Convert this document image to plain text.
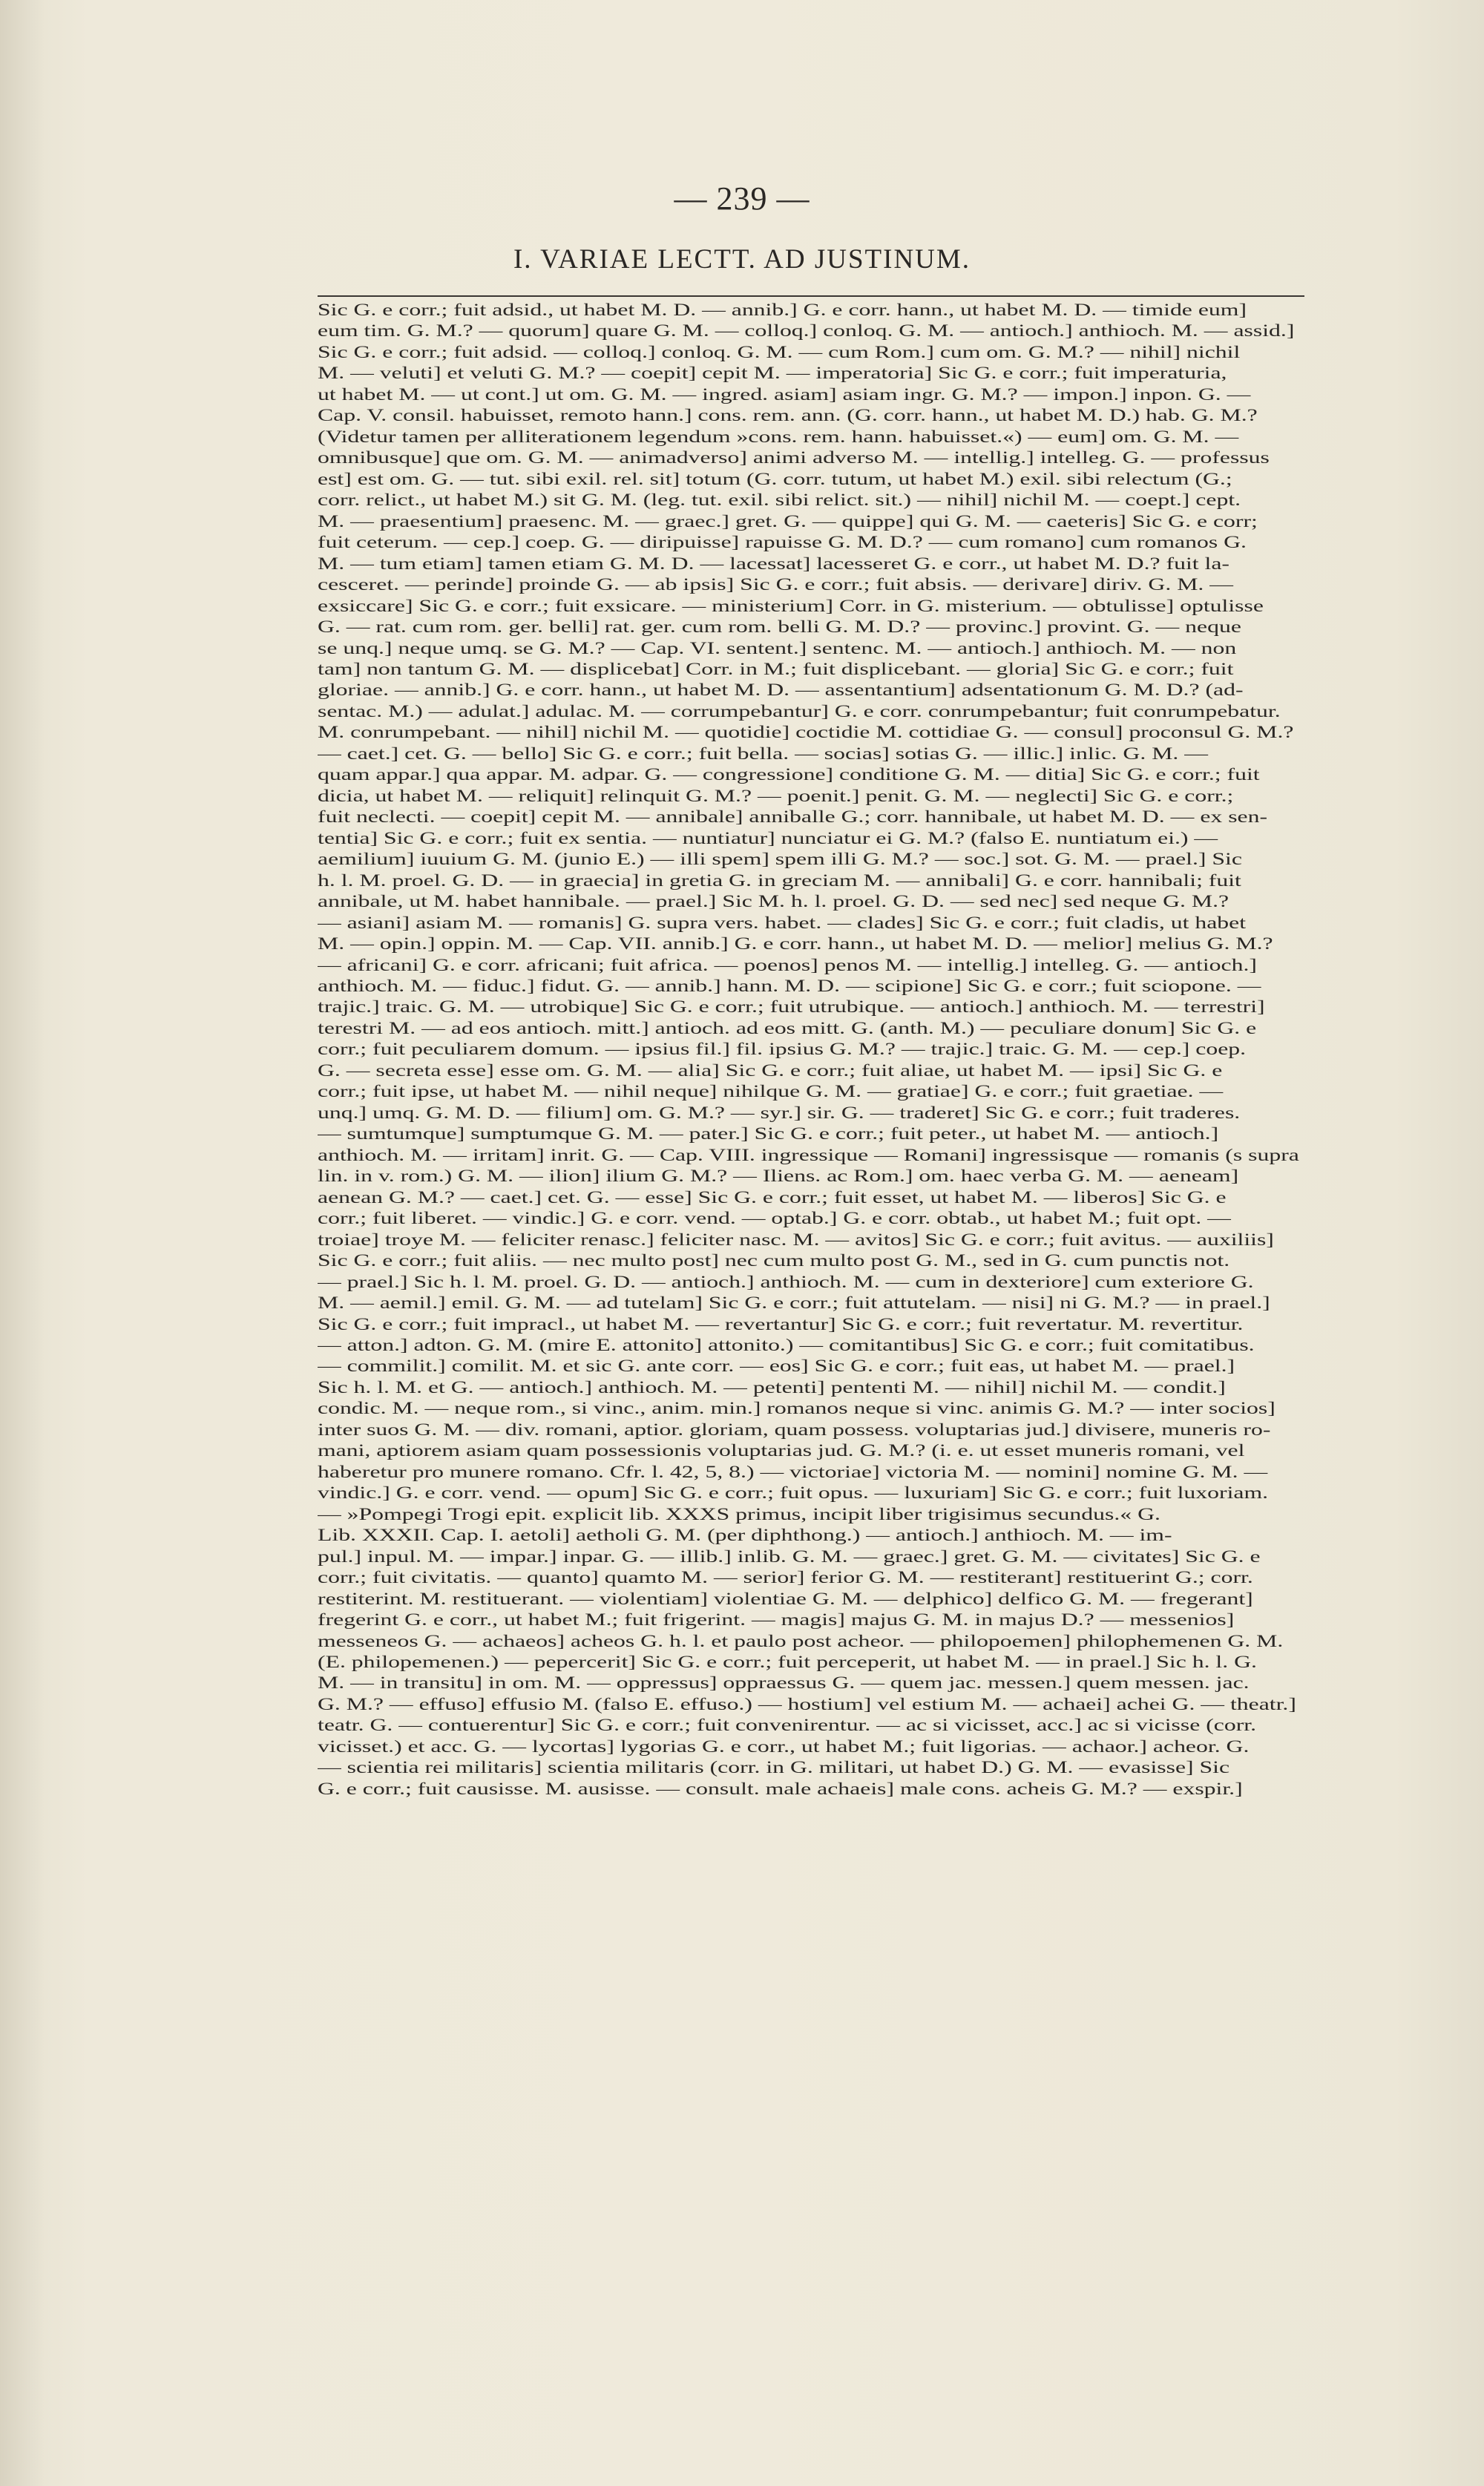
— 239 —
I. VARIAE LECTT. AD JUSTINUM.
Sic G. e corr.; fuit adsid., ut habet M. D. — annib.] G. e corr. hann., ut habet M. D. — timide eum]
eum tim. G. M.? — quorum] quare G. M. — colloq.] conloq. G. M. — antioch.] anthioch. M. — assid.]
Sic G. e corr.; fuit adsid. — colloq.] conloq. G. M. — cum Rom.] cum om. G. M.? — nihil] nichil
M. — veluti] et veluti G. M.? — coepit] cepit M. — imperatoria] Sic G. e corr.; fuit imperaturia,
ut habet M. — ut cont.] ut om. G. M. — ingred. asiam] asiam ingr. G. M.? — impon.] inpon. G. —
Cap. V. consil. habuisset, remoto hann.] cons. rem. ann. (G. corr. hann., ut habet M. D.) hab. G. M.?
(Videtur tamen per alliterationem legendum »cons. rem. hann. habuisset.«) — eum] om. G. M. —
omnibusque] que om. G. M. — animadverso] animi adverso M. — intellig.] intelleg. G. — professus
est] est om. G. — tut. sibi exil. rel. sit] totum (G. corr. tutum, ut habet M.) exil. sibi relectum (G.;
corr. relict., ut habet M.) sit G. M. (leg. tut. exil. sibi relict. sit.) — nihil] nichil M. — coept.] cept.
M. — praesentium] praesenc. M. — graec.] gret. G. — quippe] qui G. M. — caeteris] Sic G. e corr;
fuit ceterum. — cep.] coep. G. — diripuisse] rapuisse G. M. D.? — cum romano] cum romanos G.
M. — tum etiam] tamen etiam G. M. D. — lacessat] lacesseret G. e corr., ut habet M. D.? fuit la-
cesceret. — perinde] proinde G. — ab ipsis] Sic G. e corr.; fuit absis. — derivare] diriv. G. M. —
exsiccare] Sic G. e corr.; fuit exsicare. — ministerium] Corr. in G. misterium. — obtulisse] optulisse
G. — rat. cum rom. ger. belli] rat. ger. cum rom. belli G. M. D.? — provinc.] provint. G. — neque
se unq.] neque umq. se G. M.? — Cap. VI. sentent.] sentenc. M. — antioch.] anthioch. M. — non
tam] non tantum G. M. — displicebat] Corr. in M.; fuit displicebant. — gloria] Sic G. e corr.; fuit
gloriae. — annib.] G. e corr. hann., ut habet M. D. — assentantium] adsentationum G. M. D.? (ad-
sentac. M.) — adulat.] adulac. M. — corrumpebantur] G. e corr. conrumpebantur; fuit conrumpebatur.
M. conrumpebant. — nihil] nichil M. — quotidie] coctidie M. cottidiae G. — consul] proconsul G. M.?
— caet.] cet. G. — bello] Sic G. e corr.; fuit bella. — socias] sotias G. — illic.] inlic. G. M. —
quam appar.] qua appar. M. adpar. G. — congressione] conditione G. M. — ditia] Sic G. e corr.; fuit
dicia, ut habet M. — reliquit] relinquit G. M.? — poenit.] penit. G. M. — neglecti] Sic G. e corr.;
fuit neclecti. — coepit] cepit M. — annibale] anniballe G.; corr. hannibale, ut habet M. D. — ex sen-
tentia] Sic G. e corr.; fuit ex sentia. — nuntiatur] nunciatur ei G. M.? (falso E. nuntiatum ei.) —
aemilium] iuuium G. M. (junio E.) — illi spem] spem illi G. M.? — soc.] sot. G. M. — prael.] Sic
h. l. M. proel. G. D. — in graecia] in gretia G. in greciam M. — annibali] G. e corr. hannibali; fuit
annibale, ut M. habet hannibale. — prael.] Sic M. h. l. proel. G. D. — sed nec] sed neque G. M.?
— asiani] asiam M. — romanis] G. supra vers. habet. — clades] Sic G. e corr.; fuit cladis, ut habet
M. — opin.] oppin. M. — Cap. VII. annib.] G. e corr. hann., ut habet M. D. — melior] melius G. M.?
— africani] G. e corr. africani; fuit africa. — poenos] penos M. — intellig.] intelleg. G. — antioch.]
anthioch. M. — fiduc.] fidut. G. — annib.] hann. M. D. — scipione] Sic G. e corr.; fuit sciopone. —
trajic.] traic. G. M. — utrobique] Sic G. e corr.; fuit utrubique. — antioch.] anthioch. M. — terrestri]
terestri M. — ad eos antioch. mitt.] antioch. ad eos mitt. G. (anth. M.) — peculiare donum] Sic G. e
corr.; fuit peculiarem domum. — ipsius fil.] fil. ipsius G. M.? — trajic.] traic. G. M. — cep.] coep.
G. — secreta esse] esse om. G. M. — alia] Sic G. e corr.; fuit aliae, ut habet M. — ipsi] Sic G. e
corr.; fuit ipse, ut habet M. — nihil neque] nihilque G. M. — gratiae] G. e corr.; fuit graetiae. —
unq.] umq. G. M. D. — filium] om. G. M.? — syr.] sir. G. — traderet] Sic G. e corr.; fuit traderes.
— sumtumque] sumptumque G. M. — pater.] Sic G. e corr.; fuit peter., ut habet M. — antioch.]
anthioch. M. — irritam] inrit. G. — Cap. VIII. ingressique — Romani] ingressisque — romanis (s supra
lin. in v. rom.) G. M. — ilion] ilium G. M.? — Iliens. ac Rom.] om. haec verba G. M. — aeneam]
aenean G. M.? — caet.] cet. G. — esse] Sic G. e corr.; fuit esset, ut habet M. — liberos] Sic G. e
corr.; fuit liberet. — vindic.] G. e corr. vend. — optab.] G. e corr. obtab., ut habet M.; fuit opt. —
troiae] troye M. — feliciter renasc.] feliciter nasc. M. — avitos] Sic G. e corr.; fuit avitus. — auxiliis]
Sic G. e corr.; fuit aliis. — nec multo post] nec cum multo post G. M., sed in G. cum punctis not.
— prael.] Sic h. l. M. proel. G. D. — antioch.] anthioch. M. — cum in dexteriore] cum exteriore G.
M. — aemil.] emil. G. M. — ad tutelam] Sic G. e corr.; fuit attutelam. — nisi] ni G. M.? — in prael.]
Sic G. e corr.; fuit impracl., ut habet M. — revertantur] Sic G. e corr.; fuit revertatur. M. revertitur.
— atton.] adton. G. M. (mire E. attonito] attonito.) — comitantibus] Sic G. e corr.; fuit comitatibus.
— commilit.] comilit. M. et sic G. ante corr. — eos] Sic G. e corr.; fuit eas, ut habet M. — prael.]
Sic h. l. M. et G. — antioch.] anthioch. M. — petenti] pententi M. — nihil] nichil M. — condit.]
condic. M. — neque rom., si vinc., anim. min.] romanos neque si vinc. animis G. M.? — inter socios]
inter suos G. M. — div. romani, aptior. gloriam, quam possess. voluptarias jud.] divisere, muneris ro-
mani, aptiorem asiam quam possessionis voluptarias jud. G. M.? (i. e. ut esset muneris romani, vel
haberetur pro munere romano. Cfr. l. 42, 5, 8.) — victoriae] victoria M. — nomini] nomine G. M. —
vindic.] G. e corr. vend. — opum] Sic G. e corr.; fuit opus. — luxuriam] Sic G. e corr.; fuit luxoriam.
— »Pompegi Trogi epit. explicit lib. XXXS primus, incipit liber trigisimus secundus.« G.
Lib. XXXII. Cap. I. aetoli] aetholi G. M. (per diphthong.) — antioch.] anthioch. M. — im-
pul.] inpul. M. — impar.] inpar. G. — illib.] inlib. G. M. — graec.] gret. G. M. — civitates] Sic G. e
corr.; fuit civitatis. — quanto] quamto M. — serior] ferior G. M. — restiterant] restituerint G.; corr.
restiterint. M. restituerant. — violentiam] violentiae G. M. — delphico] delfico G. M. — fregerant]
fregerint G. e corr., ut habet M.; fuit frigerint. — magis] majus G. M. in majus D.? — messenios]
messeneos G. — achaeos] acheos G. h. l. et paulo post acheor. — philopoemen] philophemenen G. M.
(E. philopemenen.) — pepercerit] Sic G. e corr.; fuit perceperit, ut habet M. — in prael.] Sic h. l. G.
M. — in transitu] in om. M. — oppressus] oppraessus G. — quem jac. messen.] quem messen. jac.
G. M.? — effuso] effusio M. (falso E. effuso.) — hostium] vel estium M. — achaei] achei G. — theatr.]
teatr. G. — contuerentur] Sic G. e corr.; fuit convenirentur. — ac si vicisset, acc.] ac si vicisse (corr.
vicisset.) et acc. G. — lycortas] lygorias G. e corr., ut habet M.; fuit ligorias. — achaor.] acheor. G.
— scientia rei militaris] scientia militaris (corr. in G. militari, ut habet D.) G. M. — evasisse] Sic
G. e corr.; fuit causisse. M. ausisse. — consult. male achaeis] male cons. acheis G. M.? — exspir.]
